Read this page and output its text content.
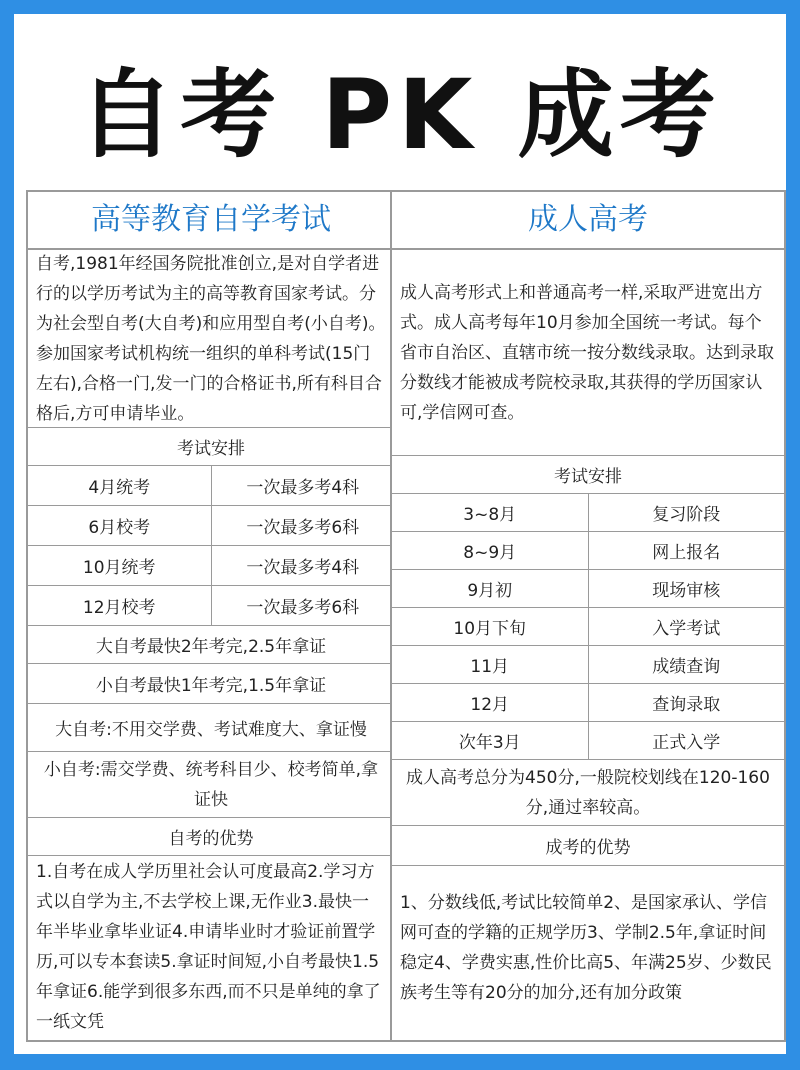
自考 PK 成考
高等教育自学考试
自考,1981年经国务院批准创立,是对自学者进行的以学历考试为主的高等教育国家考试。分为社会型自考(大自考)和应用型自考(小自考)。参加国家考试机构统一组织的单科考试(15门左右),合格一门,发一门的合格证书,所有科目合格后,方可申请毕业。
考试安排
4月统考	一次最多考4科
6月校考	一次最多考6科
10月统考	一次最多考4科
12月校考	一次最多考6科
大自考最快2年考完,2.5年拿证
小自考最快1年考完,1.5年拿证
大自考:不用交学费、考试难度大、拿证慢
小自考:需交学费、统考科目少、校考简单,拿证快
自考的优势
1.自考在成人学历里社会认可度最高2.学习方式以自学为主,不去学校上课,无作业3.最快一年半毕业拿毕业证4.申请毕业时才验证前置学历,可以专本套读5.拿证时间短,小自考最快1.5年拿证6.能学到很多东西,而不只是单纯的拿了一纸文凭
成人高考
成人高考形式上和普通高考一样,采取严进宽出方式。成人高考每年10月参加全国统一考试。每个省市自治区、直辖市统一按分数线录取。达到录取分数线才能被成考院校录取,其获得的学历国家认可,学信网可查。
考试安排
3~8月	复习阶段
8~9月	网上报名
9月初	现场审核
10月下旬	入学考试
11月	成绩查询
12月	查询录取
次年3月	正式入学
成人高考总分为450分,一般院校划线在120-160分,通过率较高。
成考的优势
1、分数线低,考试比较简单2、是国家承认、学信网可查的学籍的正规学历3、学制2.5年,拿证时间稳定4、学费实惠,性价比高5、年满25岁、少数民族考生等有20分的加分,还有加分政策
